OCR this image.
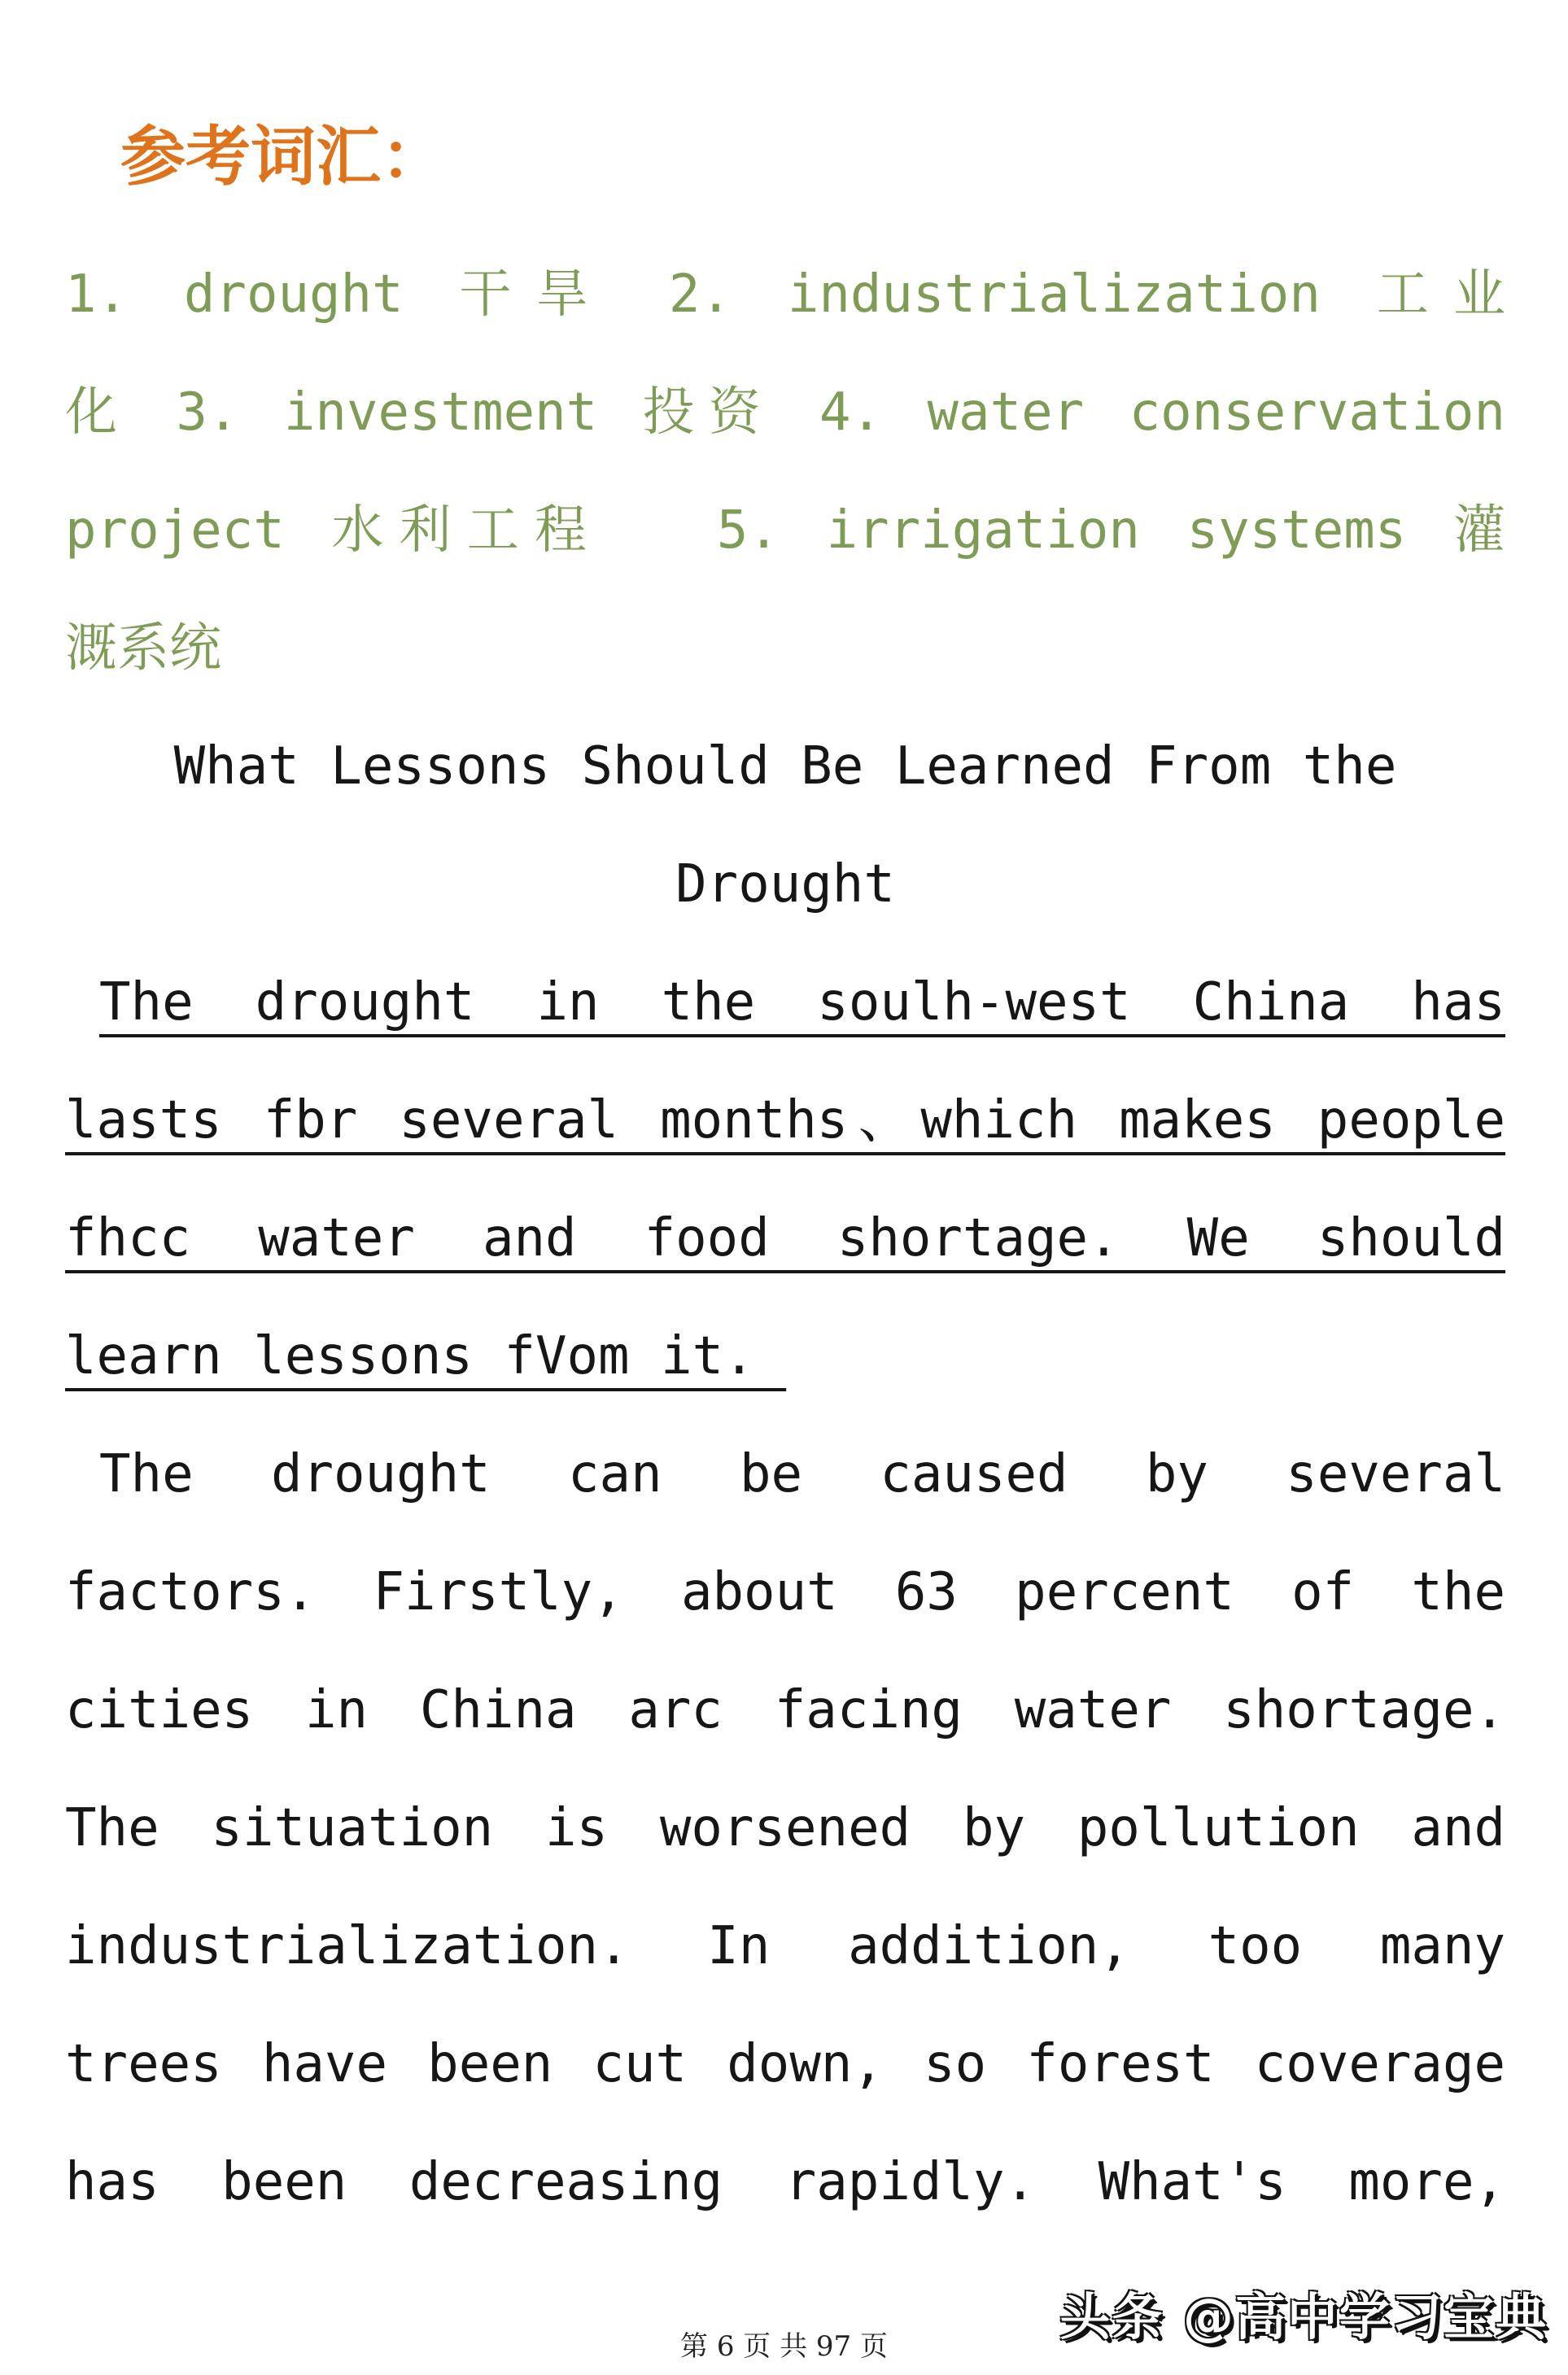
参考词汇：
1. drought 干旱 2. industrialization 工业
化 3. investment 投资 4. water conservation
project 水利工程　 5. irrigation systems 灌
溉系统
What Lessons Should Be Learned From the
Drought
The drought in the soulh-west China has
lasts fbr several months、which makes people
fhcc water and food shortage. We should
learn lessons fVom it.
The drought can be caused by several
factors. Firstly, about 63 percent of the
cities in China arc facing water shortage.
The situation is worsened by pollution and
industrialization. In addition, too many
trees have been cut down, so forest coverage
has been decreasing rapidly. What's more,
头条 @高中学习宝典
第 6 页 共 97 页
